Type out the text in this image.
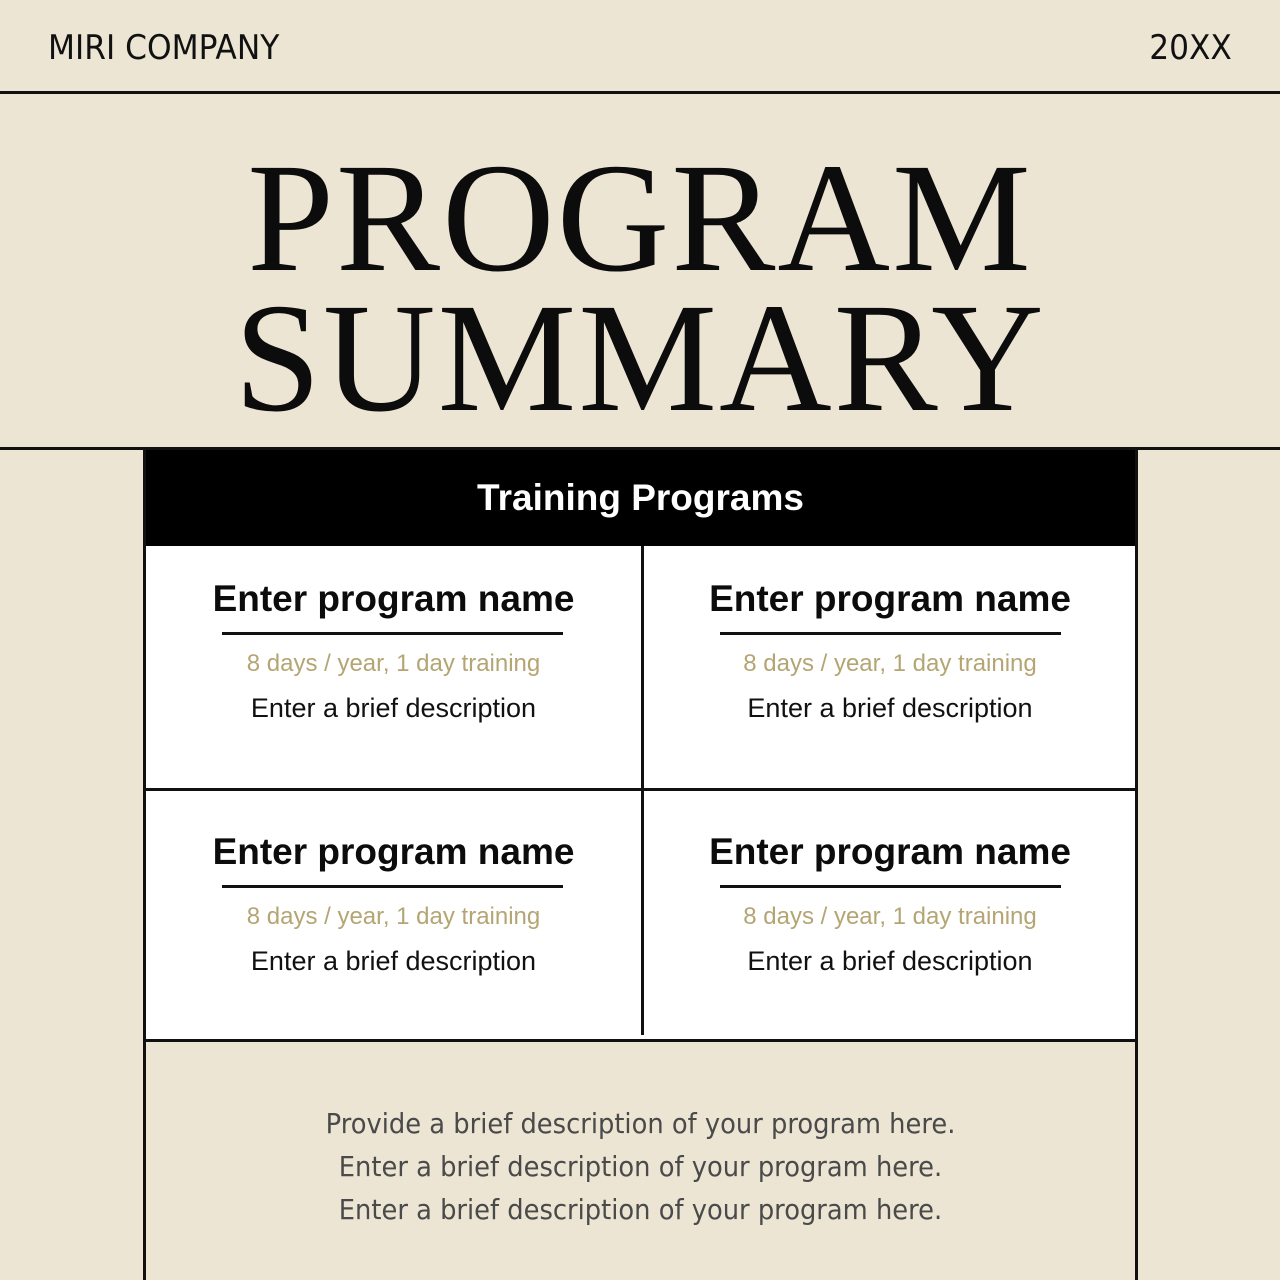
MIRI COMPANY	20XX
PROGRAM
SUMMARY
Training Programs
Enter program name
8 days / year, 1 day training
Enter a brief description
Enter program name
8 days / year, 1 day training
Enter a brief description
Enter program name
8 days / year, 1 day training
Enter a brief description
Enter program name
8 days / year, 1 day training
Enter a brief description
Provide a brief description of your program here.
Enter a brief description of your program here.
Enter a brief description of your program here.
